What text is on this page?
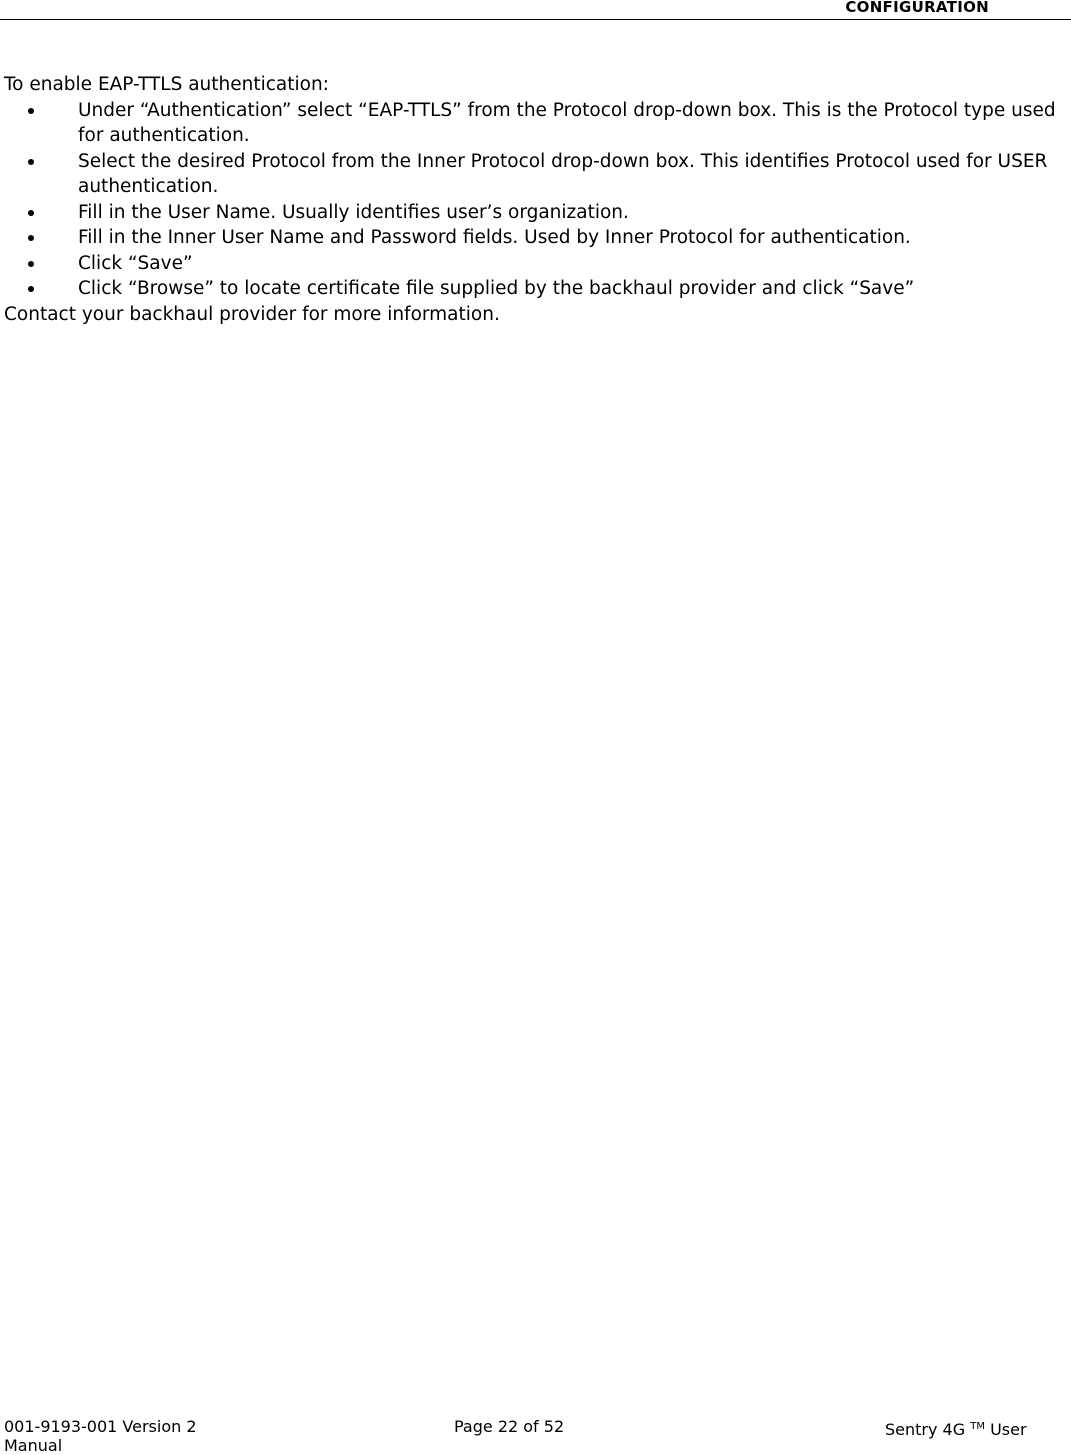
CONFIGURATION

To enable EAP-TTLS authentication:

Under “Authentication” select “EAP-TTLS” from the Protocol drop-down box. This is the Protocol type used for authentication.
Select the desired Protocol from the Inner Protocol drop-down box. This identifies Protocol used for USER authentication.
Fill in the User Name. Usually identifies user’s organization.
Fill in the Inner User Name and Password fields. Used by Inner Protocol for authentication.
Click “Save”
Click “Browse” to locate certificate file supplied by the backhaul provider and click “Save”

Contact your backhaul provider for more information.

001-9193-001 Version 2	Page 22 of 52	Sentry 4G ™ User
Manual
